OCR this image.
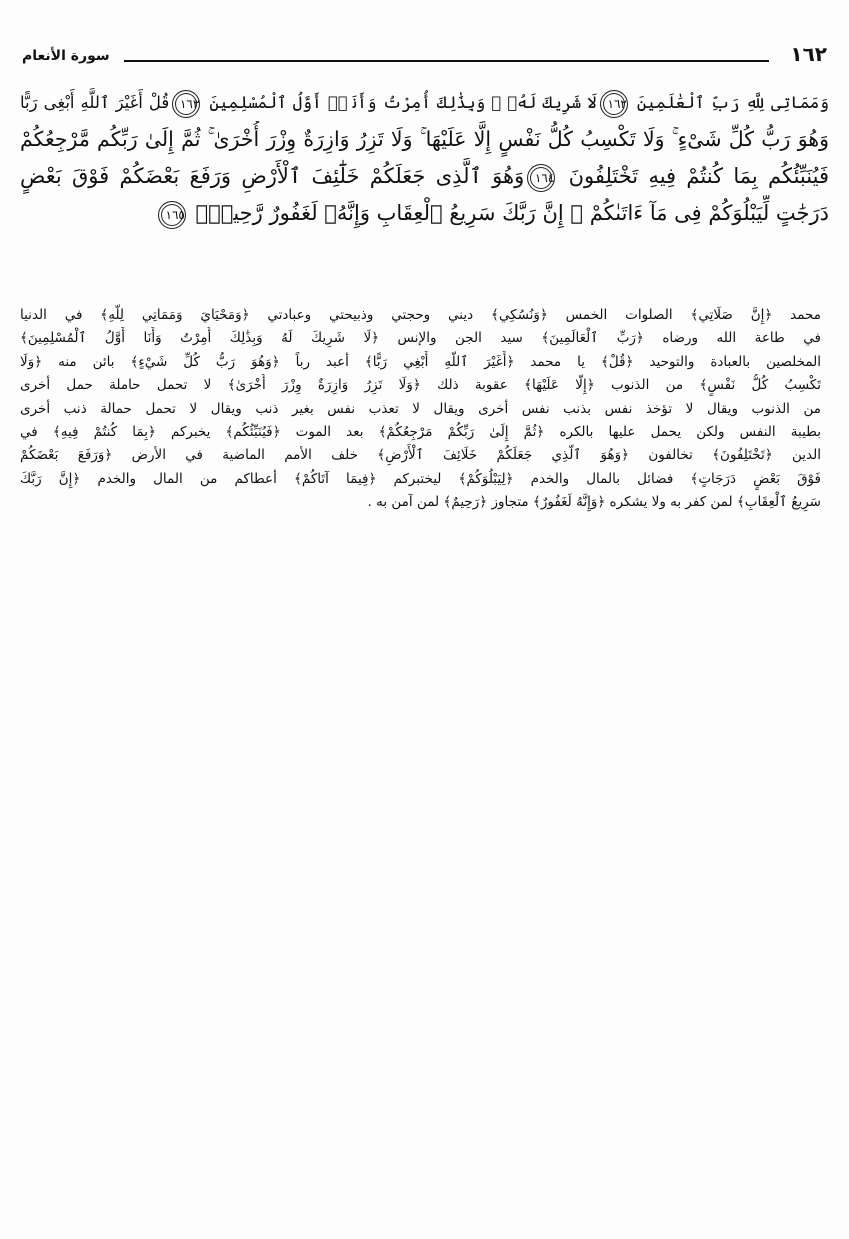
سورة الأنعام	١٦٢
وَمَمَاتِى لِلَّهِ رَبِّ ٱلْعَٰلَمِينَ ١٦٢لَا شَرِيكَ لَهُۥ ۖ وَبِذَٰلِكَ أُمِرْتُ وَأَنَا۠ أَوَّلُ ٱلْمُسْلِمِينَ ١٦٣قُلْ أَغَيْرَ ٱللَّهِ أَبْغِى رَبًّا
وَهُوَ رَبُّ كُلِّ شَىْءٍ ۚ وَلَا تَكْسِبُ كُلُّ نَفْسٍ إِلَّا عَلَيْهَا ۚ وَلَا تَزِرُ وَازِرَةٌ وِزْرَ أُخْرَىٰ ۚ ثُمَّ إِلَىٰ رَبِّكُم مَّرْجِعُكُمْ
فَيُنَبِّئُكُم بِمَا كُنتُمْ فِيهِ تَخْتَلِفُونَ ١٦٤وَهُوَ ٱلَّذِى جَعَلَكُمْ خَلَٰٓئِفَ ٱلْأَرْضِ وَرَفَعَ بَعْضَكُمْ فَوْقَ بَعْضٍ
دَرَجَٰتٍ لِّيَبْلُوَكُمْ فِى مَآ ءَاتَىٰكُمْ ۗ إِنَّ رَبَّكَ سَرِيعُ ٱلْعِقَابِ وَإِنَّهُۥ لَغَفُورٌ رَّحِيمٌۢ ١٦٥
محمد ﴿إِنَّ صَلَاتِي﴾ الصلوات الخمس ﴿وَنُسُكِي﴾ ديني وحجتي وذبيحتي وعبادتي ﴿وَمَحْيَايَ وَمَمَاتِي لِلَّهِ﴾ في الدنيا
في طاعة الله ورضاه ﴿رَبِّ ٱلْعَالَمِينَ﴾ سيد الجن والإنس ﴿لَا شَرِيكَ لَهُ وَبِذَٰلِكَ أُمِرْتُ وَأَنَا أَوَّلُ ٱلْمُسْلِمِينَ﴾
المخلصين بالعبادة والتوحيد ﴿قُلْ﴾ يا محمد ﴿أَغَيْرَ ٱللَّهِ أَبْغِي رَبًّا﴾ أعبد رباً ﴿وَهُوَ رَبُّ كُلِّ شَيْءٍ﴾ بائن منه ﴿وَلَا
تَكْسِبُ كُلُّ نَفْسٍ﴾ من الذنوب ﴿إِلَّا عَلَيْهَا﴾ عقوبة ذلك ﴿وَلَا تَزِرُ وَازِرَةٌ وِزْرَ أُخْرَىٰ﴾ لا تحمل حاملة حمل أخرى
من الذنوب ويقال لا تؤخذ نفس بذنب نفس أخرى ويقال لا تعذب نفس بغير ذنب ويقال لا تحمل حمالة ذنب أخرى
بطيبة النفس ولكن يحمل عليها بالكره ﴿ثُمَّ إِلَىٰ رَبِّكُمْ مَرْجِعُكُمْ﴾ بعد الموت ﴿فَيُنَبِّئُكُم﴾ يخبركم ﴿بِمَا كُنتُمْ فِيهِ﴾ في
الدين ﴿تَخْتَلِفُونَ﴾ تخالفون ﴿وَهُوَ ٱلَّذِي جَعَلَكُمْ خَلَائِفَ ٱلْأَرْضِ﴾ خلف الأمم الماضية في الأرض ﴿وَرَفَعَ بَعْضَكُمْ
فَوْقَ بَعْضٍ دَرَجَاتٍ﴾ فضائل بالمال والخدم ﴿لِيَبْلُوَكُمْ﴾ ليختبركم ﴿فِيمَا آتَاكُمْ﴾ أعطاكم من المال والخدم ﴿إِنَّ رَبَّكَ
سَرِيعُ ٱلْعِقَابِ﴾ لمن كفر به ولا يشكره ﴿وَإِنَّهُ لَغَفُورٌ﴾ متجاوز ﴿رَحِيمٌ﴾ لمن آمن به .
